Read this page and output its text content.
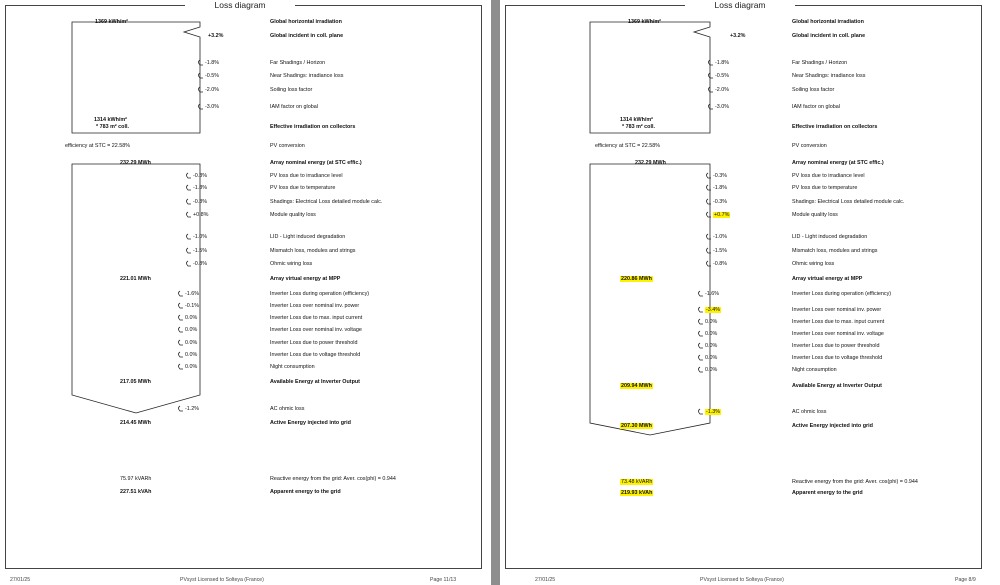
Loss diagram
1369 kWh/m²
+3.2%
-1.8%
-0.5%
-2.0%
-3.0%
1314 kWh/m²
* 783 m² coll.
efficiency at STC = 22.58%
232.29 MWh
-0.3%
-1.8%
-0.3%
+0.8%
-1.0%
-1.5%
-0.8%
221.01 MWh
-1.6%
-0.1%
0.0%
0.0%
0.0%
0.0%
0.0%
217.05 MWh
-1.2%
214.45 MWh
75.97 kVARh
227.51 kVAh
Global horizontal irradiation
Global incident in coll. plane
Far Shadings / Horizon
Near Shadings: irradiance loss
Soiling loss factor
IAM factor on global
Effective irradiation on collectors
PV conversion
Array nominal energy (at STC effic.)
PV loss due to irradiance level
PV loss due to temperature
Shadings: Electrical Loss detailed module calc.
Module quality loss
LID - Light induced degradation
Mismatch loss, modules and strings
Ohmic wiring loss
Array virtual energy at MPP
Inverter Loss during operation (efficiency)
Inverter Loss over nominal inv. power
Inverter Loss due to max. input current
Inverter Loss over nominal inv. voltage
Inverter Loss due to power threshold
Inverter Loss due to voltage threshold
Night consumption
Available Energy at Inverter Output
AC ohmic loss
Active Energy injected into grid
Reactive energy from the grid: Aver. cos(phi) = 0.944
Apparent energy to the grid
27/01/25	PVsyst Licensed to Solteya (France)	Page 11/13
Loss diagram
1369 kWh/m²
+3.2%
-1.8%
-0.5%
-2.0%
-3.0%
1314 kWh/m²
* 783 m² coll.
efficiency at STC = 22.58%
232.29 MWh
-0.3%
-1.8%
-0.3%
+0.7%
-1.0%
-1.5%
-0.8%
220.86 MWh
-1.6%
-3.4%
0.0%
0.0%
0.0%
0.0%
0.0%
209.94 MWh
-1.3%
207.30 MWh
73.48 kVARh
219.93 kVAh
Global horizontal irradiation
Global incident in coll. plane
Far Shadings / Horizon
Near Shadings: irradiance loss
Soiling loss factor
IAM factor on global
Effective irradiation on collectors
PV conversion
Array nominal energy (at STC effic.)
PV loss due to irradiance level
PV loss due to temperature
Shadings: Electrical Loss detailed module calc.
Module quality loss
LID - Light induced degradation
Mismatch loss, modules and strings
Ohmic wiring loss
Array virtual energy at MPP
Inverter Loss during operation (efficiency)
Inverter Loss over nominal inv. power
Inverter Loss due to max. input current
Inverter Loss over nominal inv. voltage
Inverter Loss due to power threshold
Inverter Loss due to voltage threshold
Night consumption
Available Energy at Inverter Output
AC ohmic loss
Active Energy injected into grid
Reactive energy from the grid: Aver. cos(phi) = 0.944
Apparent energy to the grid
27/01/25	PVsyst Licensed to Solteya (France)	Page 8/9
